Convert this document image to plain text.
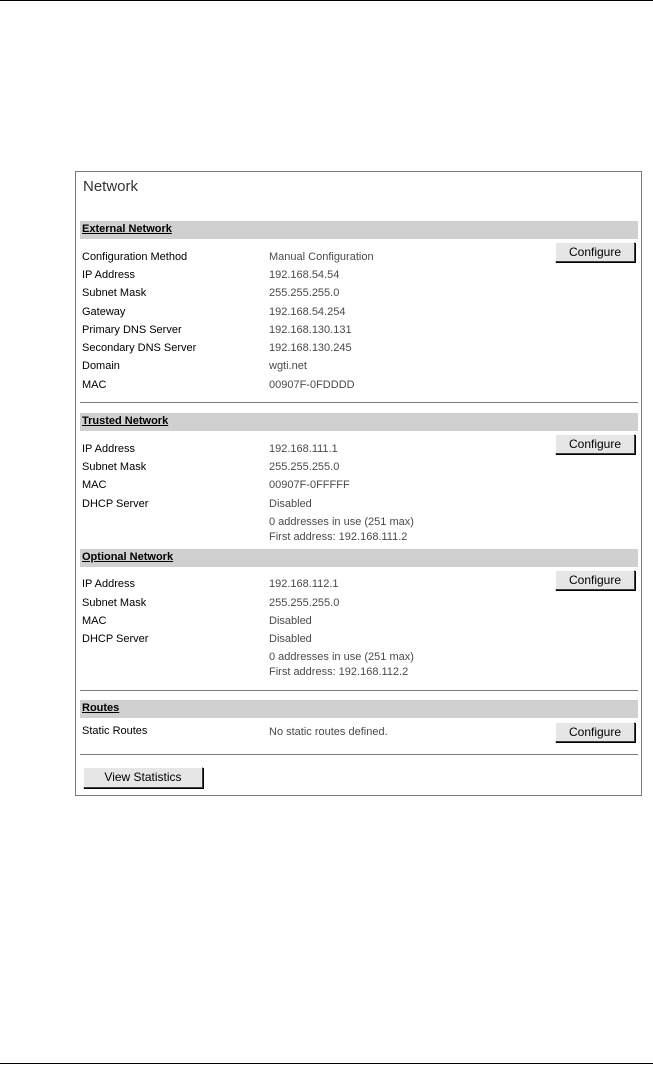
Network
External Network
Configure
Configuration Method	Manual Configuration
IP Address	192.168.54.54
Subnet Mask	255.255.255.0
Gateway	192.168.54.254
Primary DNS Server	192.168.130.131
Secondary DNS Server	192.168.130.245
Domain	wgti.net
MAC	00907F-0FDDDD
Trusted Network
Configure
IP Address	192.168.111.1
Subnet Mask	255.255.255.0
MAC	00907F-0FFFFF
DHCP Server	Disabled
0 addresses in use (251 max)
First address: 192.168.111.2
Optional Network
Configure
IP Address	192.168.112.1
Subnet Mask	255.255.255.0
MAC	Disabled
DHCP Server	Disabled
0 addresses in use (251 max)
First address: 192.168.112.2
Routes
Static Routes	No static routes defined.	Configure
View Statistics
